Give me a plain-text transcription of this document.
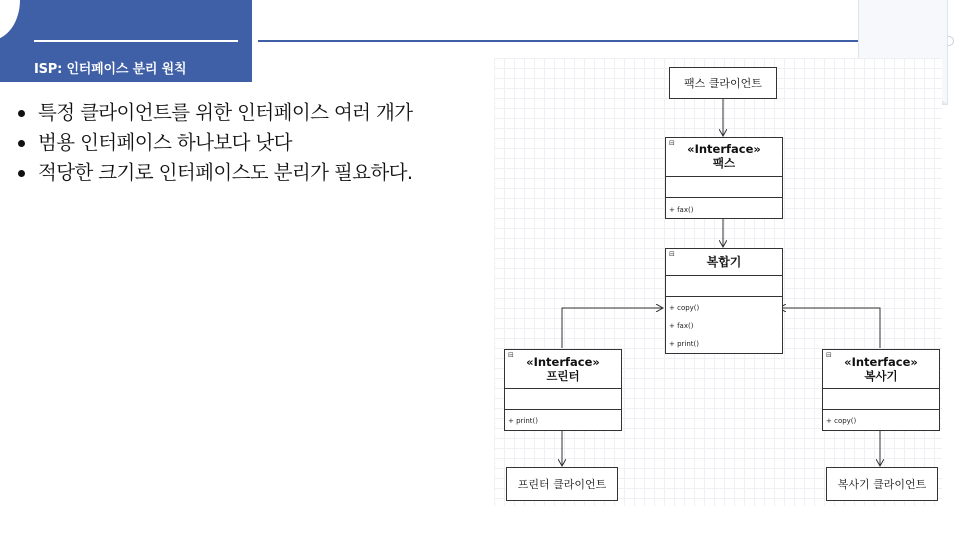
ISP: 인터페이스 분리 원칙
특정 클라이언트를 위한 인터페이스 여러 개가
범용 인터페이스 하나보다 낫다
적당한 크기로 인터페이스도 분리가 필요하다.
팩스 클라이언트
⊟	«Interface»
팩스
+ fax()
⊟
복합기
+ copy()
+ fax()
+ print()
⊟	«Interface»
프린터
+ print()
⊟	«Interface»
복사기
+ copy()
프린터 클라이언트	복사기 클라이언트
